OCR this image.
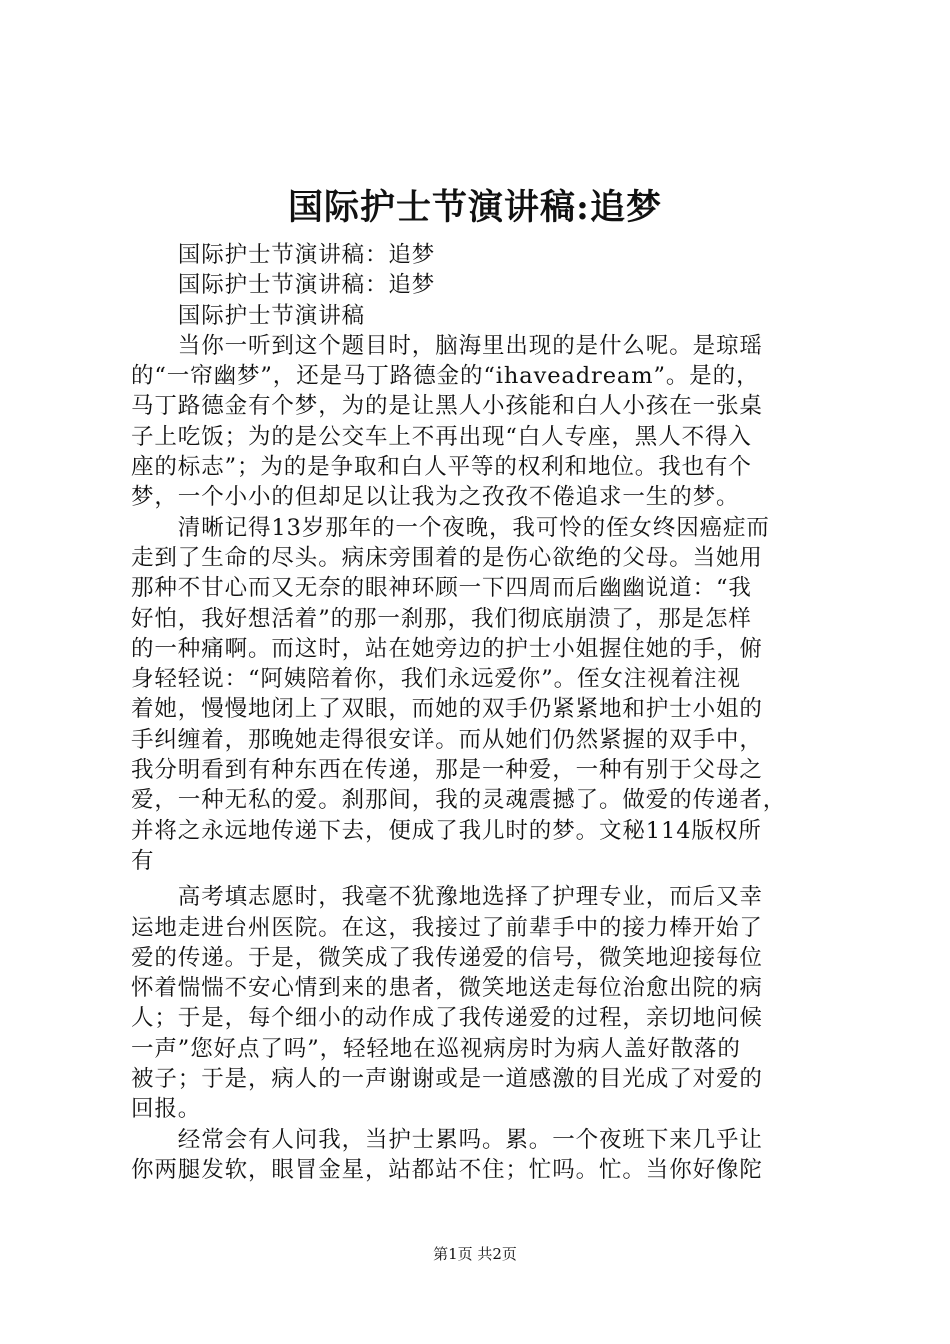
国际护士节演讲稿:追梦
　　国际护士节演讲稿：追梦
　　国际护士节演讲稿：追梦
　　国际护士节演讲稿
　　当你一听到这个题目时，脑海里出现的是什么呢。是琼瑶
的“一帘幽梦”，还是马丁路德金的“ihaveadream”。是的，
马丁路德金有个梦，为的是让黑人小孩能和白人小孩在一张桌
子上吃饭；为的是公交车上不再出现“白人专座，黑人不得入
座的标志”；为的是争取和白人平等的权利和地位。我也有个
梦，一个小小的但却足以让我为之孜孜不倦追求一生的梦。
　　清晰记得13岁那年的一个夜晚，我可怜的侄女终因癌症而
走到了生命的尽头。病床旁围着的是伤心欲绝的父母。当她用
那种不甘心而又无奈的眼神环顾一下四周而后幽幽说道：“我
好怕，我好想活着”的那一刹那，我们彻底崩溃了，那是怎样
的一种痛啊。而这时，站在她旁边的护士小姐握住她的手，俯
身轻轻说：“阿姨陪着你，我们永远爱你”。侄女注视着注视
着她，慢慢地闭上了双眼，而她的双手仍紧紧地和护士小姐的
手纠缠着，那晚她走得很安详。而从她们仍然紧握的双手中，
我分明看到有种东西在传递，那是一种爱，一种有别于父母之
爱，一种无私的爱。刹那间，我的灵魂震撼了。做爱的传递者，
并将之永远地传递下去，便成了我儿时的梦。文秘114版权所
有
　　高考填志愿时，我毫不犹豫地选择了护理专业，而后又幸
运地走进台州医院。在这，我接过了前辈手中的接力棒开始了
爱的传递。于是，微笑成了我传递爱的信号，微笑地迎接每位
怀着惴惴不安心情到来的患者，微笑地送走每位治愈出院的病
人；于是，每个细小的动作成了我传递爱的过程，亲切地问候
一声”您好点了吗”，轻轻地在巡视病房时为病人盖好散落的
被子；于是，病人的一声谢谢或是一道感激的目光成了对爱的
回报。
　　经常会有人问我，当护士累吗。累。一个夜班下来几乎让
你两腿发软，眼冒金星，站都站不住；忙吗。忙。当你好像陀
第1页 共2页
